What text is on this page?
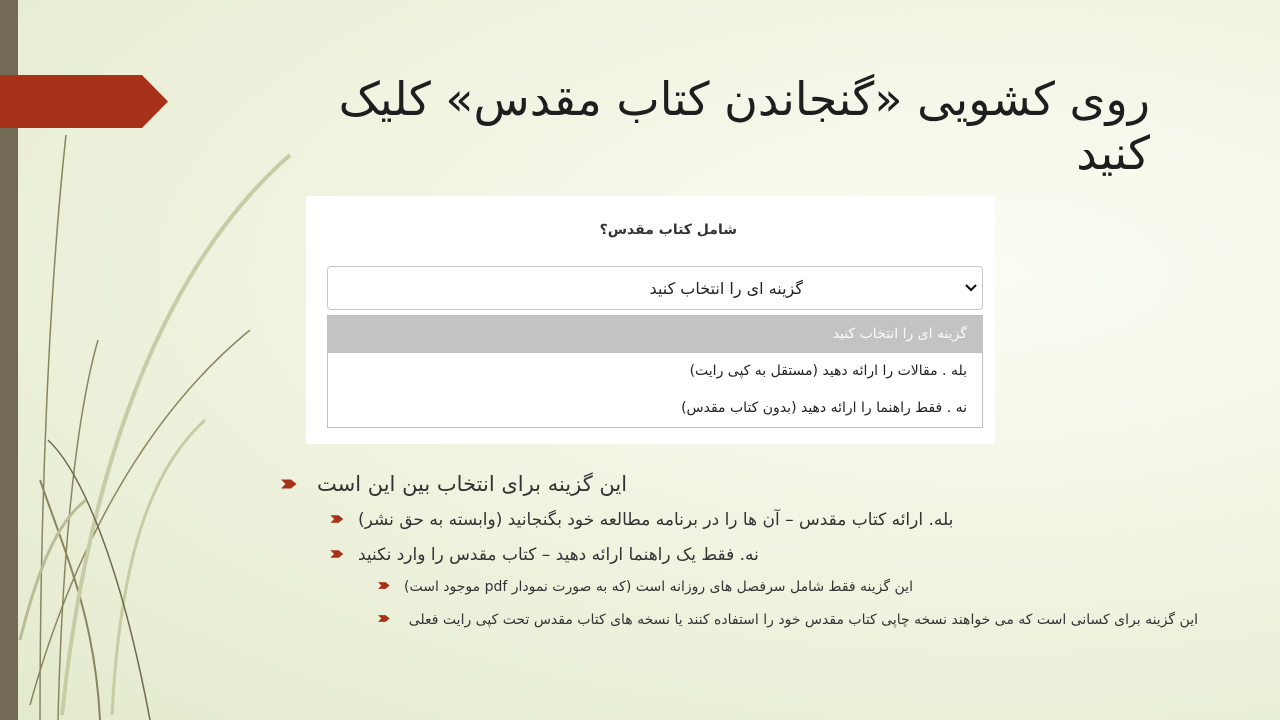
روی کشویی «گنجاندن کتاب مقدس» کلیک
کنید
شامل کتاب مقدس؟
گزینه ای را انتخاب کنید
گزینه ای را انتخاب کنید
بله . مقالات را ارائه دهید (مستقل به کپی رایت)
نه . فقط راهنما را ارائه دهید (بدون کتاب مقدس)
این گزینه برای انتخاب بین این است
بله. ارائه کتاب مقدس – آن ها را در برنامه مطالعه خود بگنجانید (وابسته به حق نشر)
نه. فقط یک راهنما ارائه دهید – کتاب مقدس را وارد نکنید
این گزینه فقط شامل سرفصل های روزانه است (که به صورت نمودار pdf موجود است)
این گزینه برای کسانی است که می خواهند نسخه چاپی کتاب مقدس خود را استفاده کنند یا نسخه های کتاب مقدس تحت کپی رایت فعلی
